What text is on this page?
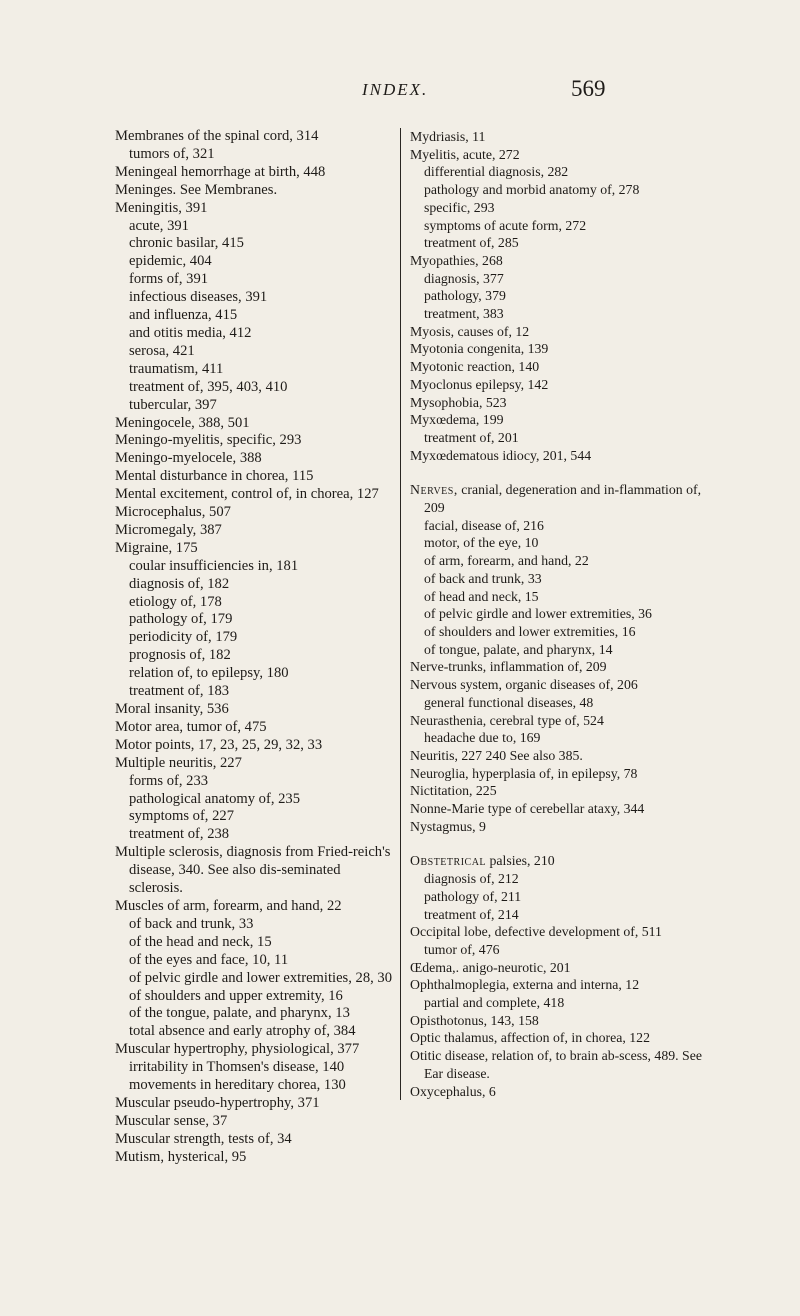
INDEX.	569
Membranes of the spinal cord, 314
tumors of, 321
Meningeal hemorrhage at birth, 448
Meninges. See Membranes.
Meningitis, 391
acute, 391
chronic basilar, 415
epidemic, 404
forms of, 391
infectious diseases, 391
and influenza, 415
and otitis media, 412
serosa, 421
traumatism, 411
treatment of, 395, 403, 410
tubercular, 397
Meningocele, 388, 501
Meningo-myelitis, specific, 293
Meningo-myelocele, 388
Mental disturbance in chorea, 115
Mental excitement, control of, in chorea, 127
Microcephalus, 507
Micromegaly, 387
Migraine, 175
coular insufficiencies in, 181
diagnosis of, 182
etiology of, 178
pathology of, 179
periodicity of, 179
prognosis of, 182
relation of, to epilepsy, 180
treatment of, 183
Moral insanity, 536
Motor area, tumor of, 475
Motor points, 17, 23, 25, 29, 32, 33
Multiple neuritis, 227
forms of, 233
pathological anatomy of, 235
symptoms of, 227
treatment of, 238
Multiple sclerosis, diagnosis from Fried-reich's disease, 340. See also dis-seminated sclerosis.
Muscles of arm, forearm, and hand, 22
of back and trunk, 33
of the head and neck, 15
of the eyes and face, 10, 11
of pelvic girdle and lower extremities, 28, 30
of shoulders and upper extremity, 16
of the tongue, palate, and pharynx, 13
total absence and early atrophy of, 384
Muscular hypertrophy, physiological, 377
irritability in Thomsen's disease, 140
movements in hereditary chorea, 130
Muscular pseudo-hypertrophy, 371
Muscular sense, 37
Muscular strength, tests of, 34
Mutism, hysterical, 95
Mydriasis, 11
Myelitis, acute, 272
differential diagnosis, 282
pathology and morbid anatomy of, 278
specific, 293
symptoms of acute form, 272
treatment of, 285
Myopathies, 268
diagnosis, 377
pathology, 379
treatment, 383
Myosis, causes of, 12
Myotonia congenita, 139
Myotonic reaction, 140
Myoclonus epilepsy, 142
Mysophobia, 523
Myxœdema, 199
treatment of, 201
Myxœdematous idiocy, 201, 544
Nerves, cranial, degeneration and in-flammation of, 209
facial, disease of, 216
motor, of the eye, 10
of arm, forearm, and hand, 22
of back and trunk, 33
of head and neck, 15
of pelvic girdle and lower extremities, 36
of shoulders and lower extremities, 16
of tongue, palate, and pharynx, 14
Nerve-trunks, inflammation of, 209
Nervous system, organic diseases of, 206
general functional diseases, 48
Neurasthenia, cerebral type of, 524
headache due to, 169
Neuritis, 227 240 See also 385.
Neuroglia, hyperplasia of, in epilepsy, 78
Nictitation, 225
Nonne-Marie type of cerebellar ataxy, 344
Nystagmus, 9
Obstetrical palsies, 210
diagnosis of, 212
pathology of, 211
treatment of, 214
Occipital lobe, defective development of, 511
tumor of, 476
Œdema,. anigo-neurotic, 201
Ophthalmoplegia, externa and interna, 12
partial and complete, 418
Opisthotonus, 143, 158
Optic thalamus, affection of, in chorea, 122
Otitic disease, relation of, to brain ab-scess, 489. See Ear disease.
Oxycephalus, 6
